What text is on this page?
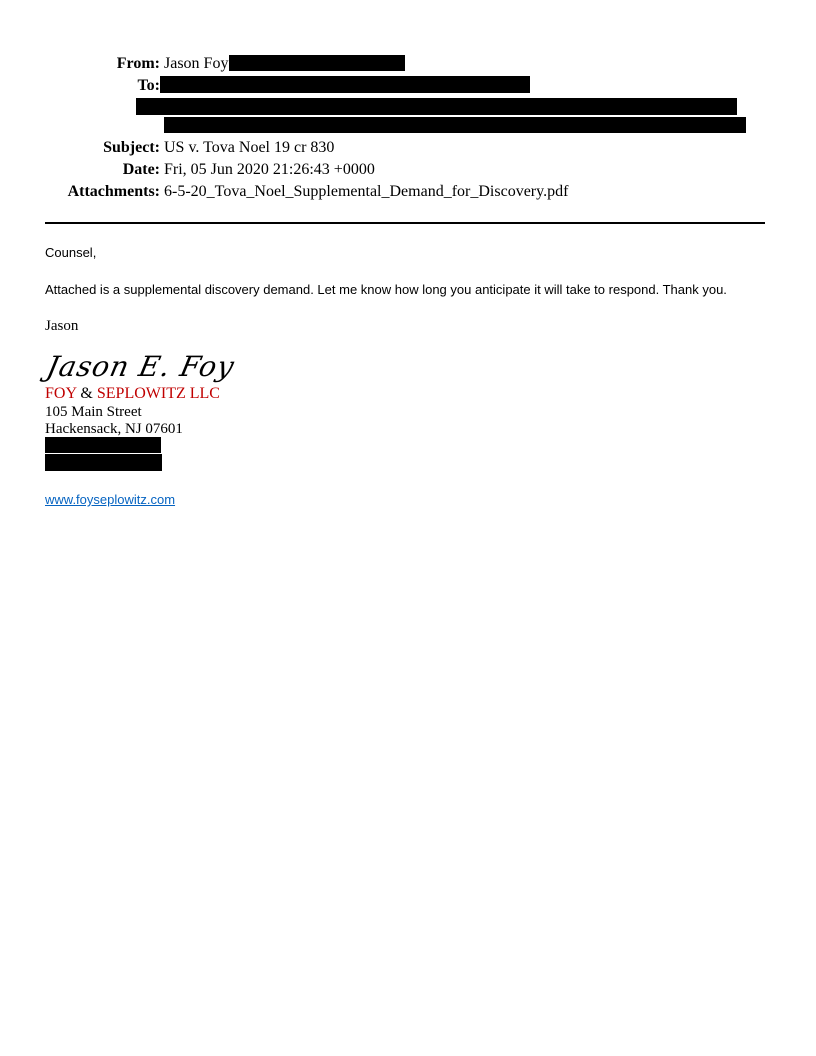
From: Jason Foy
To:
Subject: US v. Tova Noel 19 cr 830
Date: Fri, 05 Jun 2020 21:26:43 +0000
Attachments: 6-5-20_Tova_Noel_Supplemental_Demand_for_Discovery.pdf
Counsel,
Attached is a supplemental discovery demand. Let me know how long you anticipate it will take to respond. Thank you.
Jason
Jason E. Foy
FOY & SEPLOWITZ LLC
105 Main Street
Hackensack, NJ 07601
www.foyseplowitz.com
